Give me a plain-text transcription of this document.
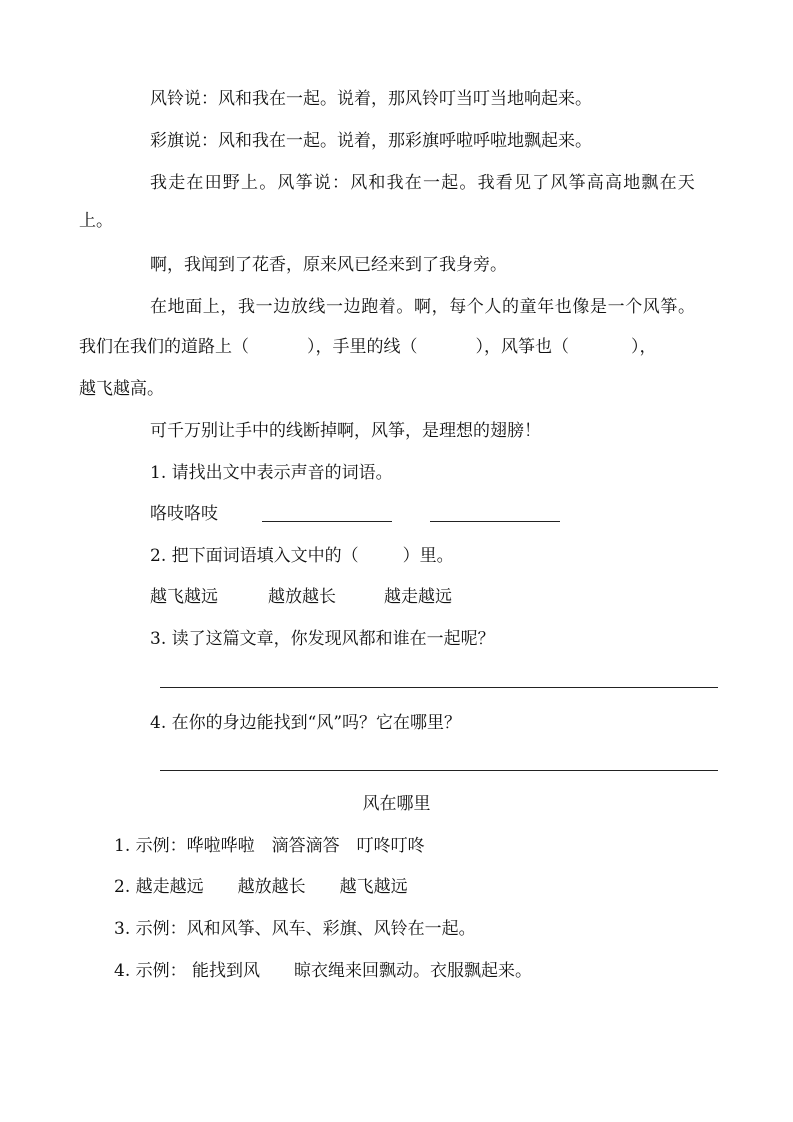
风铃说：风和我在一起。说着，那风铃叮当叮当地响起来。
彩旗说：风和我在一起。说着，那彩旗呼啦呼啦地飘起来。
我走在田野上。风筝说：风和我在一起。我看见了风筝高高地飘在天
上。
啊，我闻到了花香，原来风已经来到了我身旁。
在地面上，我一边放线一边跑着。啊，每个人的童年也像是一个风筝。
我们在我们的道路上（	），手里的线（	），风筝也（	），
越飞越高。
可千万别让手中的线断掉啊，风筝，是理想的翅膀！
1. 请找出文中表示声音的词语。
咯吱咯吱
2. 把下面词语填入文中的（	）里。
越飞越远	越放越长	越走越远
3. 读了这篇文章，你发现风都和谁在一起呢？
4. 在你的身边能找到“风”吗？它在哪里？
风在哪里
1. 示例：哗啦哗啦　滴答滴答　叮咚叮咚
2. 越走越远　　越放越长　　越飞越远
3. 示例：风和风筝、风车、彩旗、风铃在一起。
4. 示例： 能找到风　　晾衣绳来回飘动。衣服飘起来。
